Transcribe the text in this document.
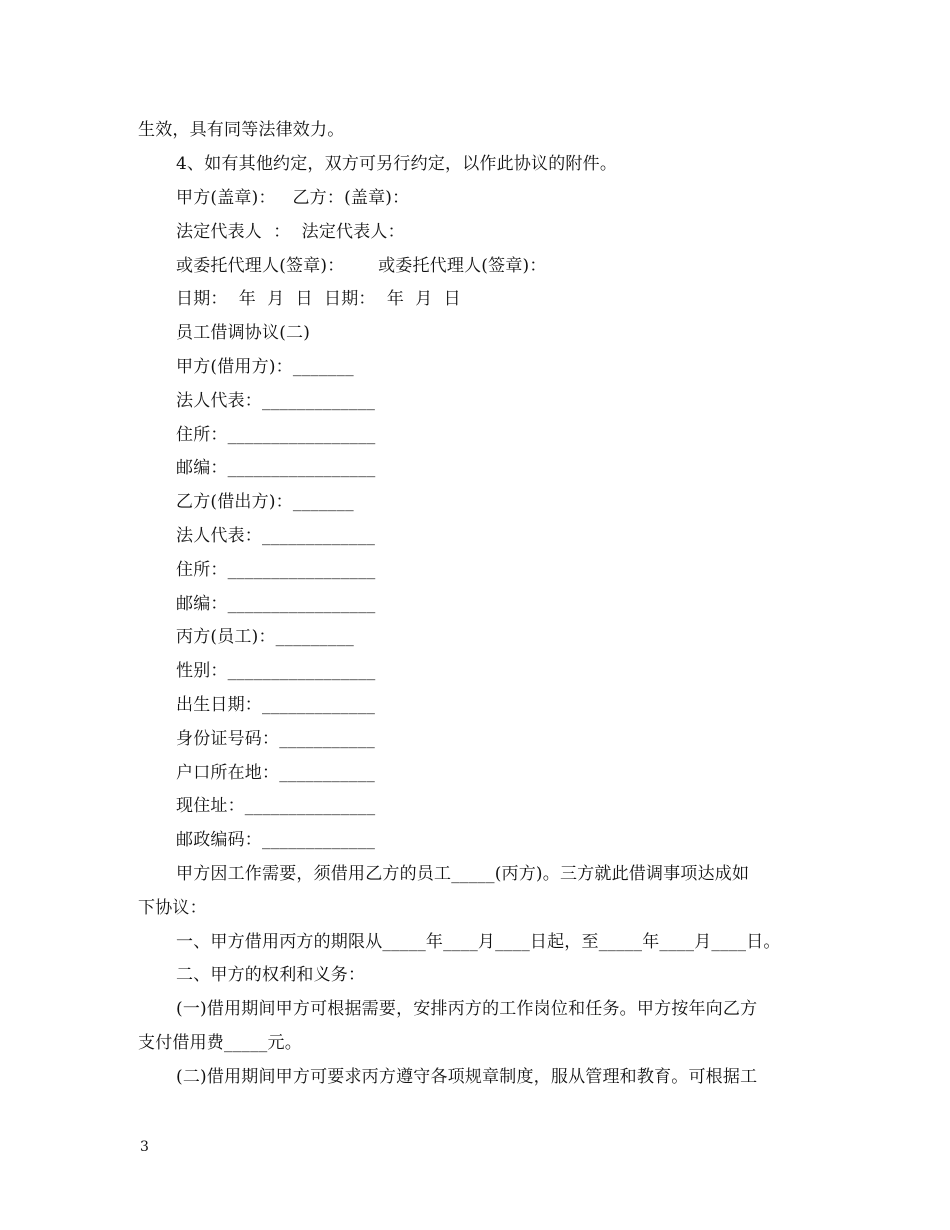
生效，具有同等法律效力。
4、如有其他约定，双方可另行约定，以作此协议的附件。
甲方(盖章)：   乙方：(盖章)：
法定代表人  ：  法定代表人：
或委托代理人(签章)：      或委托代理人(签章)：
日期：  年  月  日  日期：  年  月  日
员工借调协议(二)
甲方(借用方)：_______
法人代表：_____________
住所：_________________
邮编：_________________
乙方(借出方)：_______
法人代表：_____________
住所：_________________
邮编：_________________
丙方(员工)：_________
性别：_________________
出生日期：_____________
身份证号码：___________
户口所在地：___________
现住址：_______________
邮政编码：_____________
甲方因工作需要，须借用乙方的员工_____(丙方)。三方就此借调事项达成如
下协议：
一、甲方借用丙方的期限从_____年____月____日起，至_____年____月____日。
二、甲方的权利和义务：
(一)借用期间甲方可根据需要，安排丙方的工作岗位和任务。甲方按年向乙方
支付借用费_____元。
(二)借用期间甲方可要求丙方遵守各项规章制度，服从管理和教育。可根据工
3
